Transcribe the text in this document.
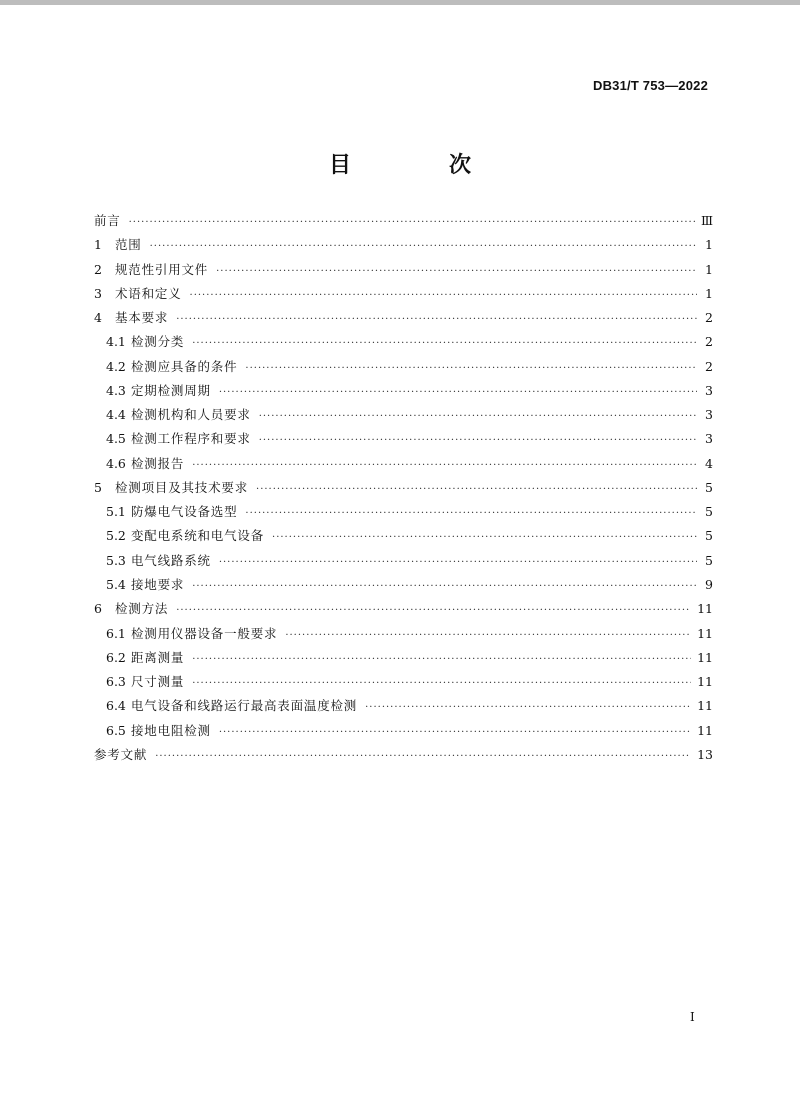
DB31/T 753—2022
目　次
前言 ·····	Ⅲ
1	范围 ·····	1
2	规范性引用文件 ·····	1
3	术语和定义 ·····	1
4	基本要求 ·····	2
4.1 检测分类 ·····	2
4.2 检测应具备的条件 ·····	2
4.3 定期检测周期 ·····	3
4.4 检测机构和人员要求 ·····	3
4.5 检测工作程序和要求 ·····	3
4.6 检测报告 ·····	4
5	检测项目及其技术要求 ·····	5
5.1 防爆电气设备选型 ·····	5
5.2 变配电系统和电气设备 ·····	5
5.3 电气线路系统 ·····	5
5.4 接地要求 ·····	9
6	检测方法 ·····	11
6.1 检测用仪器设备一般要求 ·····	11
6.2 距离测量 ·····	11
6.3 尺寸测量 ·····	11
6.4 电气设备和线路运行最高表面温度检测 ·····	11
6.5 接地电阻检测 ·····	11
参考文献 ·····	13
I
